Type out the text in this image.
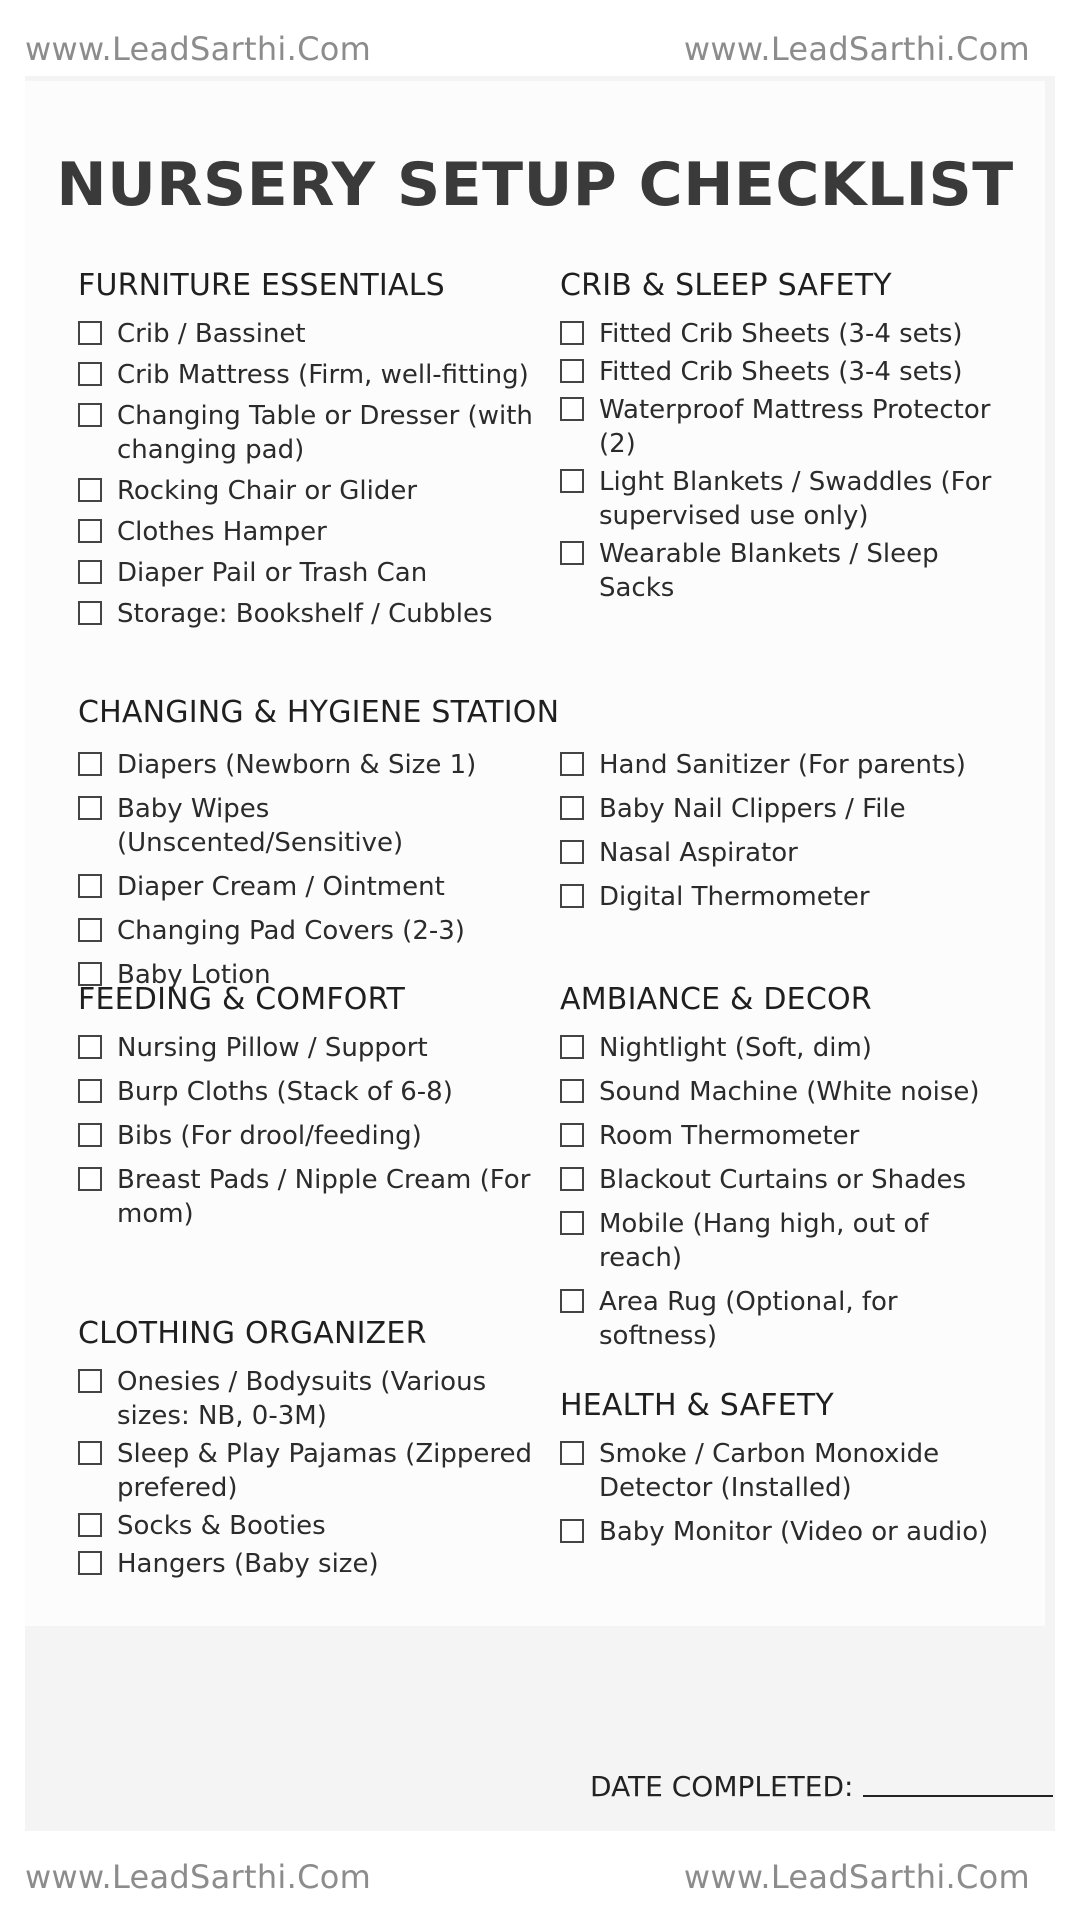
www.LeadSarthi.Com	www.LeadSarthi.Com
NURSERY SETUP CHECKLIST
FURNITURE ESSENTIALS
Crib / Bassinet
Crib Mattress (Firm, well-fitting)
Changing Table or Dresser (with changing pad)
Rocking Chair or Glider
Clothes Hamper
Diaper Pail or Trash Can
Storage: Bookshelf / Cubbles
CRIB & SLEEP SAFETY
Fitted Crib Sheets (3-4 sets)
Fitted Crib Sheets (3-4 sets)
Waterproof Mattress Protector (2)
Light Blankets / Swaddles (For supervised use only)
Wearable Blankets / Sleep Sacks
CHANGING & HYGIENE STATION
Diapers (Newborn & Size 1)
Baby Wipes (Unscented/Sensitive)
Diaper Cream / Ointment
Changing Pad Covers (2-3)
Baby Lotion
Hand Sanitizer (For parents)
Baby Nail Clippers / File
Nasal Aspirator
Digital Thermometer
FEEDING & COMFORT
Nursing Pillow / Support
Burp Cloths (Stack of 6-8)
Bibs (For drool/feeding)
Breast Pads / Nipple Cream (For mom)
AMBIANCE & DECOR
Nightlight (Soft, dim)
Sound Machine (White noise)
Room Thermometer
Blackout Curtains or Shades
Mobile (Hang high, out of reach)
Area Rug (Optional, for softness)
CLOTHING ORGANIZER
Onesies / Bodysuits (Various sizes: NB, 0-3M)
Sleep & Play Pajamas (Zippered prefered)
Socks & Booties
Hangers (Baby size)
HEALTH & SAFETY
Smoke / Carbon Monoxide Detector (Installed)
Baby Monitor (Video or audio)
DATE COMPLETED:
www.LeadSarthi.Com	www.LeadSarthi.Com
